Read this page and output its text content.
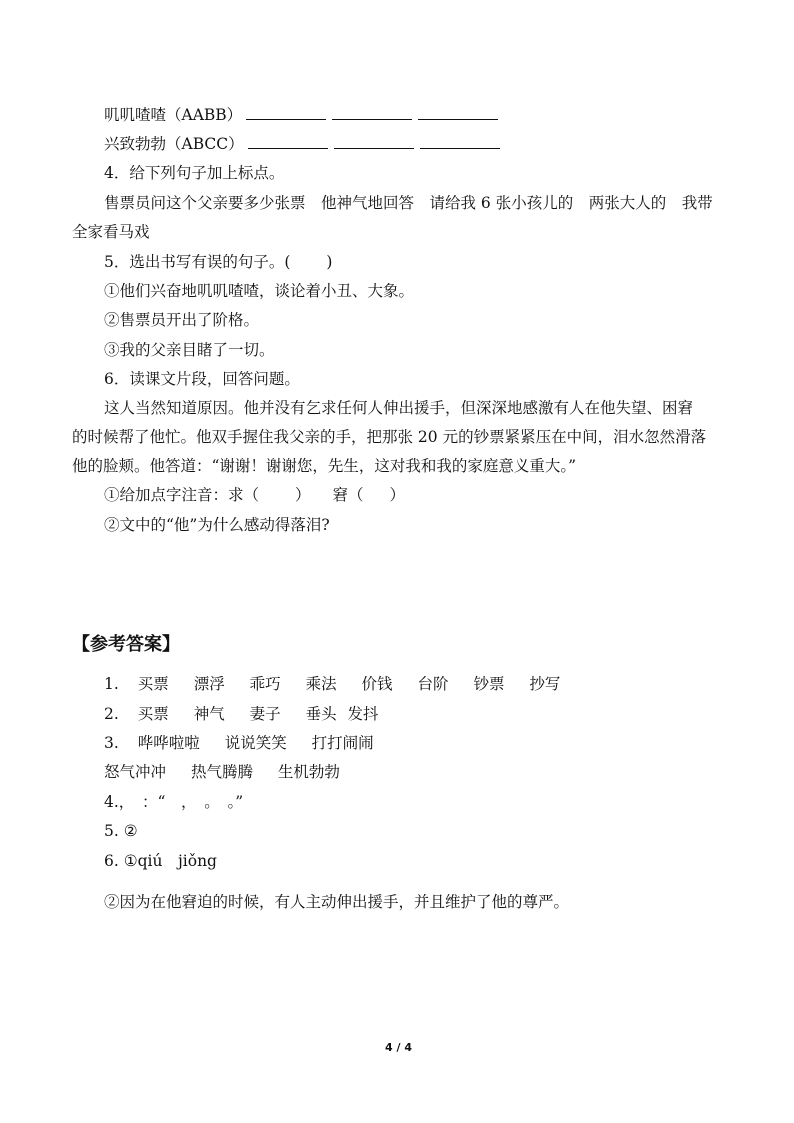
叽叽喳喳（AABB）
兴致勃勃（ABCC）
4．给下列句子加上标点。
售票员问这个父亲要多少张票　他神气地回答　请给我 6 张小孩儿的　两张大人的　我带
全家看马戏
5．选出书写有误的句子。( )
①他们兴奋地叽叽喳喳，谈论着小丑、大象。
②售票员开出了阶格。
③我的父亲目睹了一切。
6．读课文片段，回答问题。
这人当然知道原因。他并没有乞求任何人伸出援手，但深深地感激有人在他失望、困窘
的时候帮了他忙。他双手握住我父亲的手，把那张 20 元的钞票紧紧压在中间，泪水忽然滑落
他的脸颊。他答道：“谢谢！谢谢您，先生，这对我和我的家庭意义重大。”
①给加点字注音：求（ ） 窘（ ）
②文中的“他”为什么感动得落泪?
【参考答案】
1. 买票 漂浮 乖巧 乘法 价钱 台阶 钞票 抄写
2. 买票 神气 妻子 垂头 发抖
3. 哗哗啦啦 说说笑笑 打打闹闹
怒气冲冲 热气腾腾 生机勃勃
4.，　：“　，　。　。”
5. ②
6. ①qiú　jiǒng
②因为在他窘迫的时候，有人主动伸出援手，并且维护了他的尊严。
4 / 4
